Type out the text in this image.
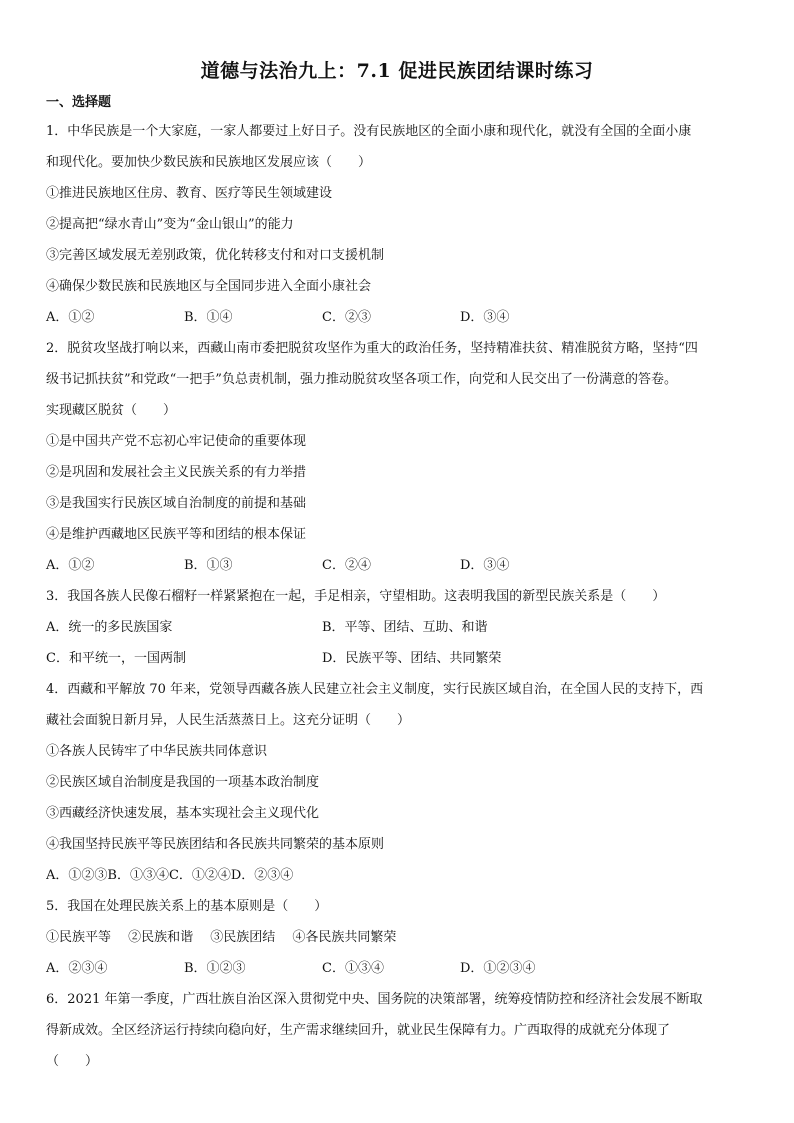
道德与法治九上：7.1 促进民族团结课时练习
一、选择题

1．中华民族是一个大家庭，一家人都要过上好日子。没有民族地区的全面小康和现代化，就没有全国的全面小康

和现代化。要加快少数民族和民族地区发展应该（　　）

①推进民族地区住房、教育、医疗等民生领域建设

②提高把“绿水青山”变为“金山银山”的能力

③完善区域发展无差别政策，优化转移支付和对口支援机制

④确保少数民族和民族地区与全国同步进入全面小康社会

A．①②	B．①④	C．②③	D．③④

2．脱贫攻坚战打响以来，西藏山南市委把脱贫攻坚作为重大的政治任务，坚持精准扶贫、精准脱贫方略，坚持“四

级书记抓扶贫”和党政“一把手”负总责机制，强力推动脱贫攻坚各项工作，向党和人民交出了一份满意的答卷。

实现藏区脱贫（　　）

①是中国共产党不忘初心牢记使命的重要体现

②是巩固和发展社会主义民族关系的有力举措

③是我国实行民族区域自治制度的前提和基础

④是维护西藏地区民族平等和团结的根本保证

A．①②	B．①③	C．②④	D．③④

3．我国各族人民像石榴籽一样紧紧抱在一起，手足相亲，守望相助。这表明我国的新型民族关系是（　　）

A．统一的多民族国家	B．平等、团结、互助、和谐
C．和平统一，一国两制	D．民族平等、团结、共同繁荣

4．西藏和平解放 70 年来，党领导西藏各族人民建立社会主义制度，实行民族区域自治，在全国人民的支持下，西

藏社会面貌日新月异，人民生活蒸蒸日上。这充分证明（　　）

①各族人民铸牢了中华民族共同体意识

②民族区域自治制度是我国的一项基本政治制度

③西藏经济快速发展，基本实现社会主义现代化

④我国坚持民族平等民族团结和各民族共同繁荣的基本原则

A．①②③B．①③④C．①②④D．②③④

5．我国在处理民族关系上的基本原则是（　　）

①民族平等　 ②民族和谐　 ③民族团结　 ④各民族共同繁荣

A．②③④	B．①②③	C．①③④	D．①②③④

6．2021 年第一季度，广西壮族自治区深入贯彻党中央、国务院的决策部署，统筹疫情防控和经济社会发展不断取

得新成效。全区经济运行持续向稳向好，生产需求继续回升，就业民生保障有力。广西取得的成就充分体现了

（　　）
